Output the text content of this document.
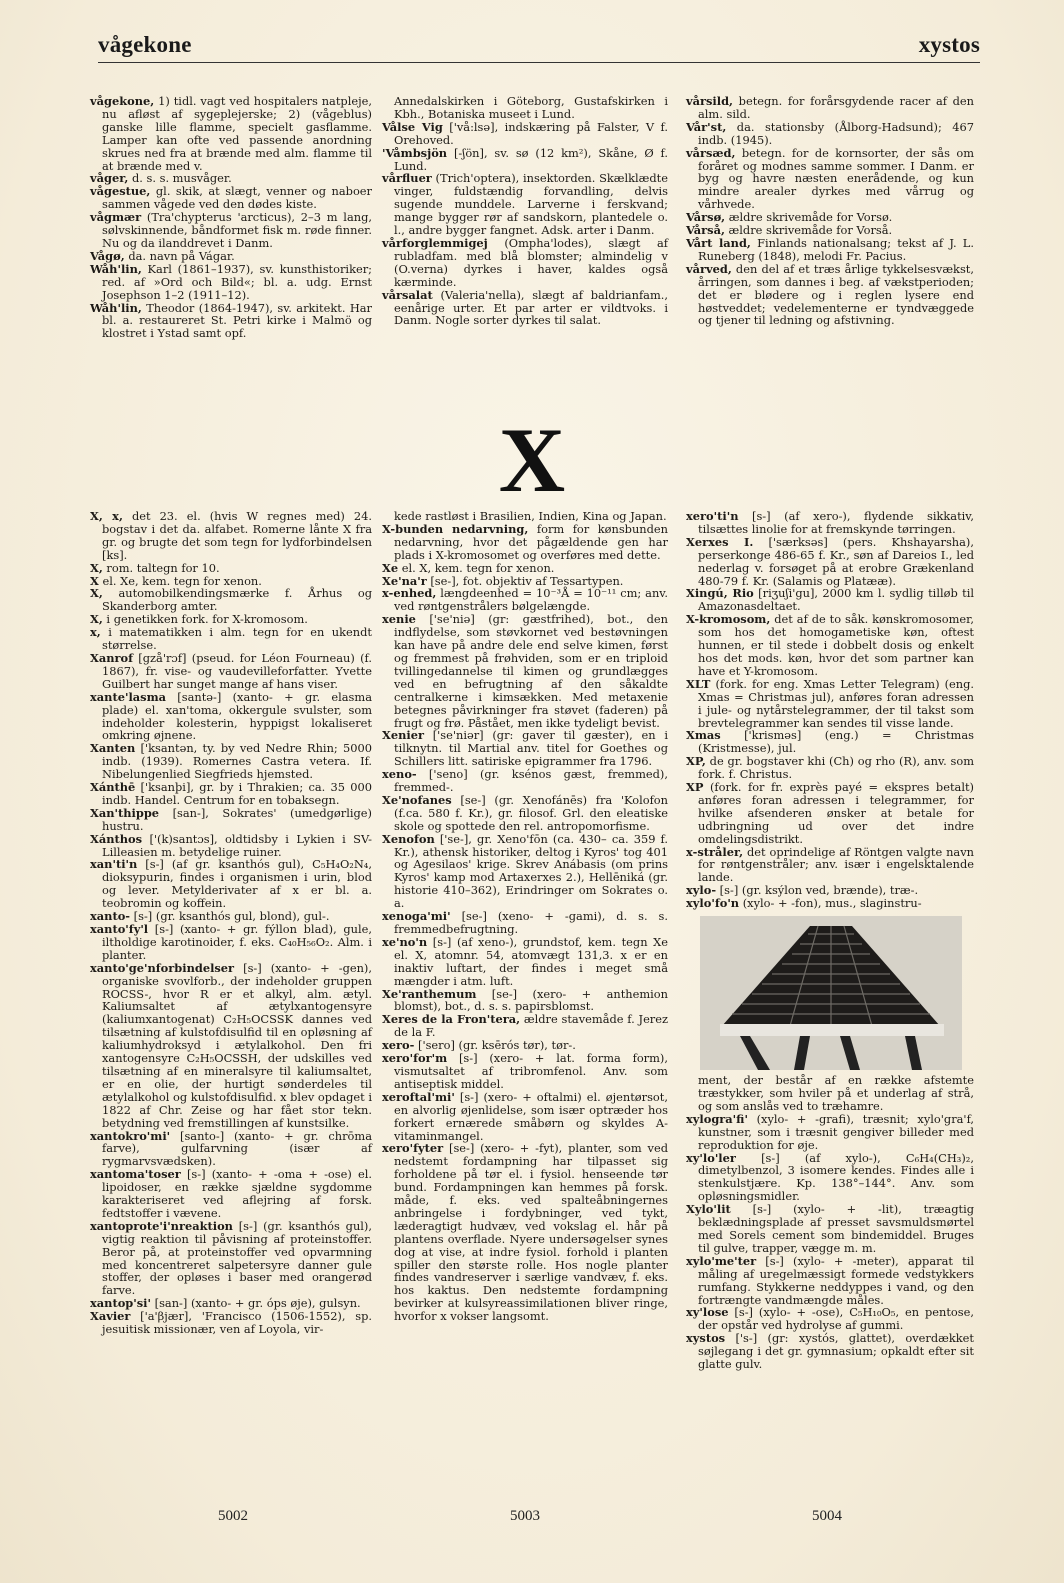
vågekone	xystos

vågekone, 1) tidl. vagt ved hospitalers natpleje, nu afløst af sygeplejerske; 2) (vågeblus) ganske lille flamme, specielt gasflamme. Lamper kan ofte ved passende anordning skrues ned fra at brænde med alm. flamme til at brænde med v.

våger, d. s. s. musvåger.

vågestue, gl. skik, at slægt, venner og naboer sammen vågede ved den dødes kiste.

vågmær (Tra'chypterus 'arcticus), 2–3 m lang, sølvskinnende, båndformet fisk m. røde finner. Nu og da ilanddrevet i Danm.

Vågø, da. navn på Vágar.

Wåh'lin, Karl (1861–1937), sv. kunsthistoriker; red. af »Ord och Bild«; bl. a. udg. Ernst Josephson 1–2 (1911–12).

Wåh'lin, Theodor (1864-1947), sv. arkitekt. Har bl. a. restaureret St. Petri kirke i Malmö og klostret i Ystad samt opf.

Annedalskirken i Göteborg, Gustafskirken i Kbh., Botaniska museet i Lund.

Vålse Vig ['vå:lsə], indskæring på Falster, V f. Orehoved.

'Våmbsjön [-ʃön], sv. sø (12 km²), Skåne, Ø f. Lund.

vårfluer (Trich'optera), insektorden. Skælklædte vinger, fuldstændig forvandling, delvis sugende munddele. Larverne i ferskvand; mange bygger rør af sandskorn, plantedele o. l., andre bygger fangnet. Adsk. arter i Danm.

vårforglemmigej (Ompha'lodes), slægt af rubladfam. med blå blomster; almindelig v (O.verna) dyrkes i haver, kaldes også kærminde.

vårsalat (Valeria'nella), slægt af baldrianfam., eenårige urter. Et par arter er vildtvoks. i Danm. Nogle sorter dyrkes til salat.

vårsild, betegn. for forårsgydende racer af den alm. sild.

Vår'st, da. stationsby (Ålborg-Hadsund); 467 indb. (1945).

vårsæd, betegn. for de kornsorter, der sås om foråret og modnes samme sommer. I Danm. er byg og havre næsten enerådende, og kun mindre arealer dyrkes med vårrug og vårhvede.

Vårsø, ældre skrivemåde for Vorsø.

Vårså, ældre skrivemåde for Vorså.

Vårt land, Finlands nationalsang; tekst af J. L. Runeberg (1848), melodi Fr. Pacius.

vårved, den del af et træs årlige tykkelsesvækst, årringen, som dannes i beg. af vækstperioden; det er blødere og i reglen lysere end høstveddet; vedelementerne er tyndvæggede og tjener til ledning og afstivning.

X

X, x, det 23. el. (hvis W regnes med) 24. bogstav i det da. alfabet. Romerne lånte X fra gr. og brugte det som tegn for lydforbindelsen [ks].

X, rom. taltegn for 10.

X el. Xe, kem. tegn for xenon.

X, automobilkendingsmærke f. Århus og Skanderborg amter.

X, i genetikken fork. for X-kromosom.

x, i matematikken i alm. tegn for en ukendt størrelse.

Xanrof [gzå'rɔf] (pseud. for Léon Fourneau) (f. 1867), fr. vise- og vaudevilleforfatter. Yvette Guilbert har sunget mange af hans viser.

xante'lasma [santə-] (xanto- + gr. elasma plade) el. xan'toma, okkergule svulster, som indeholder kolesterin, hyppigst lokaliseret omkring øjnene.

Xanten ['ksantən, ty. by ved Nedre Rhin; 5000 indb. (1939). Romernes Castra vetera. If. Nibelungenlied Siegfrieds hjemsted.

Xánthē ['ksanþi], gr. by i Thrakien; ca. 35 000 indb. Handel. Centrum for en tobaksegn.

Xan'thippe [san-], Sokrates' (umedgørlige) hustru.

Xánthos ['(k)santɔs], oldtidsby i Lykien i SV-Lilleasien m. betydelige ruiner.

xan'ti'n [s-] (af gr. ksanthós gul), C₅H₄O₂N₄, dioksypurin, findes i organismen i urin, blod og lever. Metylderivater af x er bl. a. teobromin og koffein.

xanto- [s-] (gr. ksanthós gul, blond), gul-.

xanto'fy'l [s-] (xanto- + gr. fýllon blad), gule, iltholdige karotinoider, f. eks. C₄₀H₅₆O₂. Alm. i planter.

xanto'ge'nforbindelser [s-] (xanto- + -gen), organiske svovlforb., der indeholder gruppen ROCSS-, hvor R er et alkyl, alm. ætyl. Kaliumsaltet af ætylxantogensyre (kaliumxantogenat) C₂H₅OCSSK dannes ved tilsætning af kulstofdisulfid til en opløsning af kaliumhydroksyd i ætylalkohol. Den fri xantogensyre C₂H₅OCSSH, der udskilles ved tilsætning af en mineralsyre til kaliumsaltet, er en olie, der hurtigt sønderdeles til ætylalkohol og kulstofdisulfid. x blev opdaget i 1822 af Chr. Zeise og har fået stor tekn. betydning ved fremstillingen af kunstsilke.

xantokro'mi' [santo-] (xanto- + gr. chrōma farve), gulfarvning (især af rygmarvsvædsken).

xantoma'toser [s-] (xanto- + -oma + -ose) el. lipoidoser, en række sjældne sygdomme karakteriseret ved aflejring af forsk. fedtstoffer i vævene.

xantoprote'i'nreaktion [s-] (gr. ksanthós gul), vigtig reaktion til påvisning af proteinstoffer. Beror på, at proteinstoffer ved opvarmning med koncentreret salpetersyre danner gule stoffer, der opløses i baser med orangerød farve.

xantop'si' [san-] (xanto- + gr. óps øje), gulsyn.

Xavier ['a'βjær], 'Francisco (1506-1552), sp. jesuitisk missionær, ven af Loyola, vir-

kede rastløst i Brasilien, Indien, Kina og Japan.

X-bunden nedarvning, form for kønsbunden nedarvning, hvor det pågældende gen har plads i X-kromosomet og overføres med dette.

Xe el. X, kem. tegn for xenon.

Xe'na'r [se-], fot. objektiv af Tessartypen.

x-enhed, længdeenhed = 10⁻³Å = 10⁻¹¹ cm; anv. ved røntgenstrålers bølgelængde.

xenie ['se'niə] (gr: gæstfrihed), bot., den indflydelse, som støvkornet ved bestøvningen kan have på andre dele end selve kimen, først og fremmest på frøhviden, som er en triploid tvillingedannelse til kimen og grundlægges ved en befrugtning af den såkaldte centralkerne i kimsækken. Med metaxenie betegnes påvirkninger fra støvet (faderen) på frugt og frø. Påstået, men ikke tydeligt bevist.

Xenier ['se'niər] (gr: gaver til gæster), en i tilknytn. til Martial anv. titel for Goethes og Schillers litt. satiriske epigrammer fra 1796.

xeno- ['seno] (gr. ksénos gæst, fremmed), fremmed-.

Xe'nofanes [se-] (gr. Xenofánēs) fra 'Kolofon (f.ca. 580 f. Kr.), gr. filosof. Grl. den eleatiske skole og spottede den rel. antropomorfisme.

Xenofon ['se-], gr. Xeno'fōn (ca. 430– ca. 359 f. Kr.), athensk historiker, deltog i Kyros' tog 401 og Agesilaos' krige. Skrev Anábasis (om prins Kyros' kamp mod Artaxerxes 2.), Hellēniká (gr. historie 410–362), Erindringer om Sokrates o. a.

xenoga'mi' [se-] (xeno- + -gami), d. s. s. fremmedbefrugtning.

xe'no'n [s-] (af xeno-), grundstof, kem. tegn Xe el. X, atomnr. 54, atomvægt 131,3. x er en inaktiv luftart, der findes i meget små mængder i atm. luft.

Xe'ranthemum [se-] (xero- + anthemion blomst), bot., d. s. s. papirsblomst.

Xeres de la Fron'tera, ældre stavemåde f. Jerez de la F.

xero- ['sero] (gr. ksērós tør), tør-.

xero'for'm [s-] (xero- + lat. forma form), vismutsaltet af tribromfenol. Anv. som antiseptisk middel.

xeroftal'mi' [s-] (xero- + oftalmi) el. øjentørsot, en alvorlig øjenlidelse, som især optræder hos forkert ernærede småbørn og skyldes A-vitaminmangel.

xero'fyter [se-] (xero- + -fyt), planter, som ved nedstemt fordampning har tilpasset sig forholdene på tør el. i fysiol. henseende tør bund. Fordampningen kan hemmes på forsk. måde, f. eks. ved spalteåbningernes anbringelse i fordybninger, ved tykt, læderagtigt hudvæv, ved vokslag el. hår på plantens overflade. Nyere undersøgelser synes dog at vise, at indre fysiol. forhold i planten spiller den største rolle. Hos nogle planter findes vandreserver i særlige vandvæv, f. eks. hos kaktus. Den nedstemte fordampning bevirker at kulsyreassimilationen bliver ringe, hvorfor x vokser langsomt.

xero'ti'n [s-] (af xero-), flydende sikkativ, tilsættes linolie for at fremskynde tørringen.

Xerxes I. ['særksəs] (pers. Khshayarsha), perserkonge 486-65 f. Kr., søn af Dareios I., led nederlag v. forsøget på at erobre Grækenland 480-79 f. Kr. (Salamis og Platææ).

Xingú, Rio [riʒuʃi'gu], 2000 km l. sydlig tilløb til Amazonasdeltaet.

X-kromosom, det af de to såk. kønskromosomer, som hos det homogametiske køn, oftest hunnen, er til stede i dobbelt dosis og enkelt hos det mods. køn, hvor det som partner kan have et Y-kromosom.

XLT (fork. for eng. Xmas Letter Telegram) (eng. Xmas = Christmas jul), anføres foran adressen i jule- og nytårstelegrammer, der til takst som brevtelegrammer kan sendes til visse lande.

Xmas ['krismәs] (eng.) = Christmas (Kristmesse), jul.

XP, de gr. bogstaver khi (Ch) og rho (R), anv. som fork. f. Christus.

XP (fork. for fr. exprès payé = ekspres betalt) anføres foran adressen i telegrammer, for hvilke afsenderen ønsker at betale for udbringning ud over det indre omdelingsdistrikt.

x-stråler, det oprindelige af Röntgen valgte navn for røntgenstråler; anv. især i engelsktalende lande.

xylo- [s-] (gr. ksýlon ved, brænde), træ-.

xylo'fo'n (xylo- + -fon), mus., slaginstru-

ment, der består af en række afstemte træstykker, som hviler på et underlag af strå, og som anslås ved to træhamre.

xylogra'fi' (xylo- + -grafi), træsnit; xylo'gra'f, kunstner, som i træsnit gengiver billeder med reproduktion for øje.

xy'lo'ler [s-] (af xylo-), C₆H₄(CH₃)₂, dimetylbenzol, 3 isomere kendes. Findes alle i stenkulstjære. Kp. 138°–144°. Anv. som opløsningsmidler.

Xylo'lit [s-] (xylo- + -lit), træagtig beklædningsplade af presset savsmuldsmørtel med Sorels cement som bindemiddel. Bruges til gulve, trapper, vægge m. m.

xylo'me'ter [s-] (xylo- + -meter), apparat til måling af uregelmæssigt formede vedstykkers rumfang. Stykkerne neddyppes i vand, og den fortrængte vandmængde måles.

xy'lose [s-] (xylo- + -ose), C₅H₁₀O₅, en pentose, der opstår ved hydrolyse af gummi.

xystos ['s-] (gr: xystós, glattet), overdækket søjlegang i det gr. gymnasium; opkaldt efter sit glatte gulv.

5002	5003	5004
